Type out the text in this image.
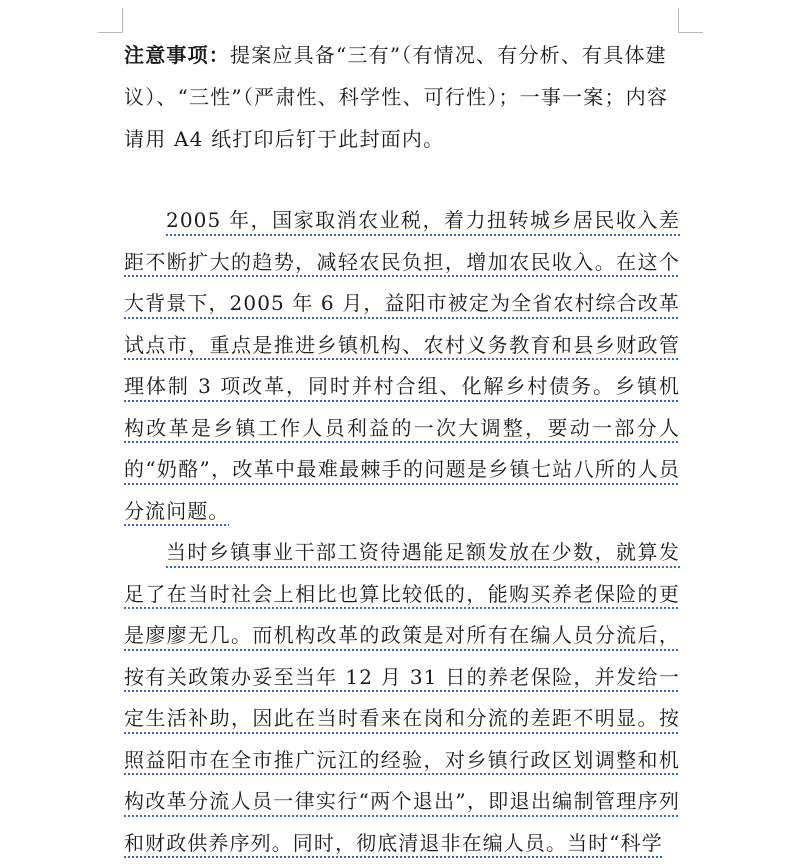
注意事项：提案应具备“三有”（有情况、有分析、有具体建议）、“三性”（严肃性、科学性、可行性）；一事一案；内容请用 A4 纸打印后钉于此封面内。

2005 年，国家取消农业税，着力扭转城乡居民收入差距不断扩大的趋势，减轻农民负担，增加农民收入。在这个大背景下，2005 年 6 月，益阳市被定为全省农村综合改革试点市，重点是推进乡镇机构、农村义务教育和县乡财政管理体制 3 项改革，同时并村合组、化解乡村债务。乡镇机构改革是乡镇工作人员利益的一次大调整，要动一部分人的“奶酪”，改革中最难最棘手的问题是乡镇七站八所的人员分流问题。

当时乡镇事业干部工资待遇能足额发放在少数，就算发足了在当时社会上相比也算比较低的，能购买养老保险的更是廖廖无几。而机构改革的政策是对所有在编人员分流后，按有关政策办妥至当年 12 月 31 日的养老保险，并发给一定生活补助，因此在当时看来在岗和分流的差距不明显。按照益阳市在全市推广沅江的经验，对乡镇行政区划调整和机构改革分流人员一律实行“两个退出”，即退出编制管理序列和财政供养序列。同时，彻底清退非在编人员。当时“科学
